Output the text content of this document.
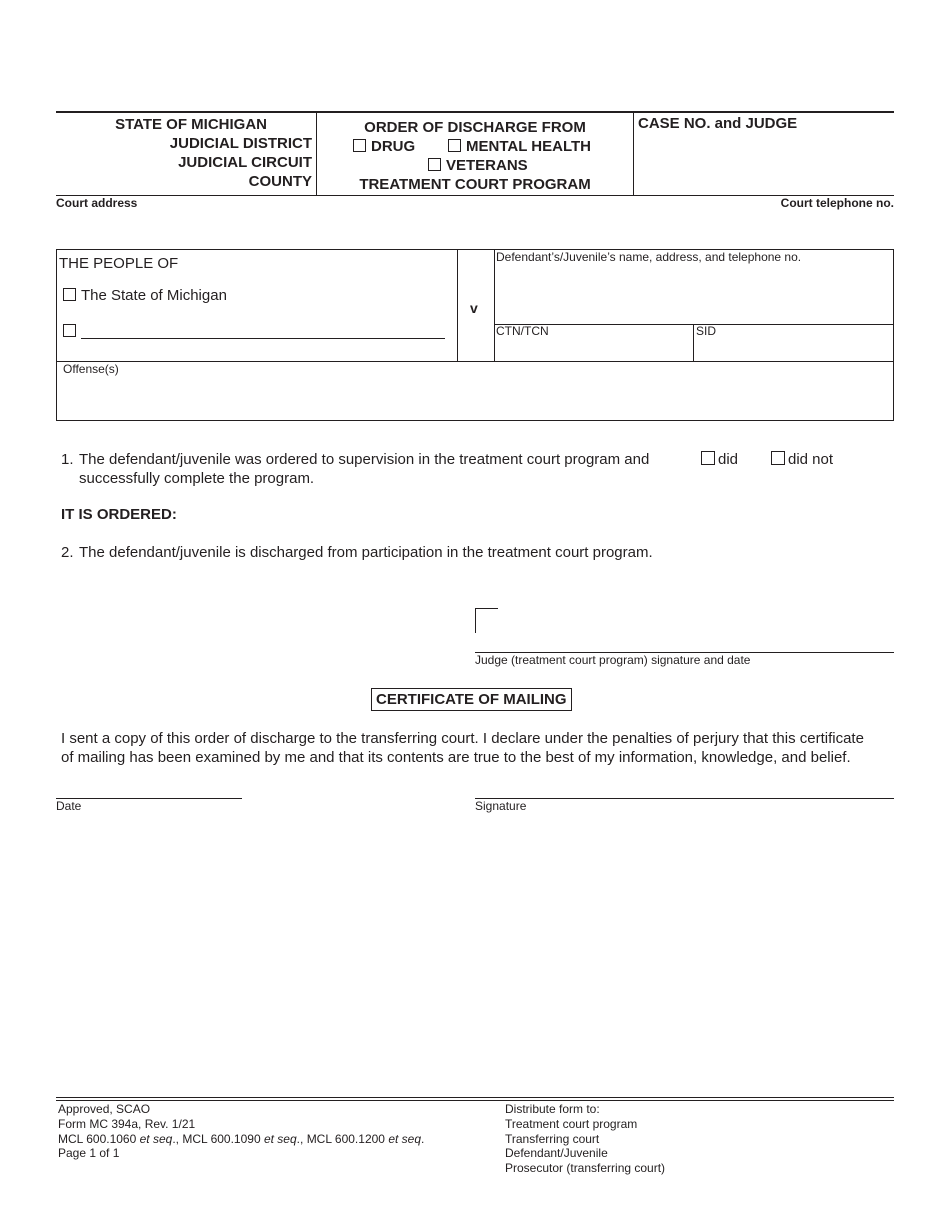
STATE OF MICHIGAN
JUDICIAL DISTRICT
JUDICIAL CIRCUIT
COUNTY
ORDER OF DISCHARGE FROM
DRUG	MENTAL HEALTH
VETERANS
TREATMENT COURT PROGRAM
CASE NO. and JUDGE
Court address	Court telephone no.
THE PEOPLE OF
The State of Michigan
v
Defendant’s/Juvenile’s name, address, and telephone no.
CTN/TCN	SID
Offense(s)
1. The defendant/juvenile was ordered to supervision in the treatment court program and
successfully complete the program.
did	did not
IT IS ORDERED:
2. The defendant/juvenile is discharged from participation in the treatment court program.
Judge (treatment court program) signature and date
CERTIFICATE OF MAILING
I sent a copy of this order of discharge to the transferring court. I declare under the penalties of perjury that this certificate
of mailing has been examined by me and that its contents are true to the best of my information, knowledge, and belief.
Date	Signature
Approved, SCAO
Form MC 394a, Rev. 1/21
MCL 600.1060 et seq., MCL 600.1090 et seq., MCL 600.1200 et seq.
Page 1 of 1
Distribute form to:
Treatment court program
Transferring court
Defendant/Juvenile
Prosecutor (transferring court)
